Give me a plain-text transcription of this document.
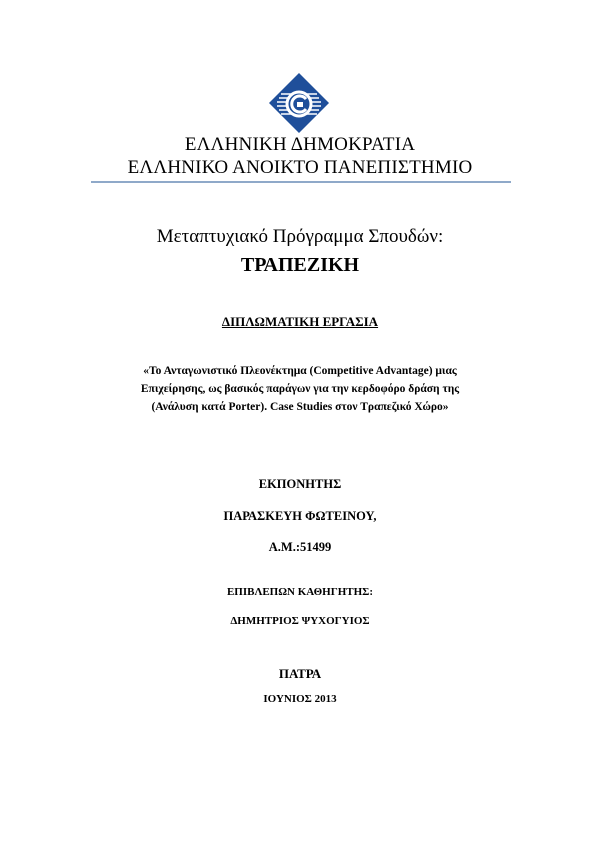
ΕΛΛΗΝΙΚΗ ΔΗΜΟΚΡΑΤΙΑ
ΕΛΛΗΝΙΚΟ ΑΝΟΙΚΤΟ ΠΑΝΕΠΙΣΤΗΜΙΟ
Μεταπτυχιακό Πρόγραμμα Σπουδών:
ΤΡΑΠΕΖΙΚΗ
ΔΙΠΛΩΜΑΤΙΚΗ ΕΡΓΑΣΙΑ
«Το Ανταγωνιστικό Πλεονέκτημα (Competitive Advantage) μιας
Επιχείρησης, ως βασικός παράγων για την κερδοφόρο δράση της
(Ανάλυση κατά Porter). Case Studies στον Τραπεζικό Χώρο»
ΕΚΠΟΝΗΤΗΣ
ΠΑΡΑΣΚΕΥΗ ΦΩΤΕΙΝΟΥ,
Α.Μ.:51499
ΕΠΙΒΛΕΠΩΝ ΚΑΘΗΓΗΤΗΣ:
ΔΗΜΗΤΡΙΟΣ ΨΥΧΟΓΥΙΟΣ
ΠΑΤΡΑ
ΙΟΥΝΙΟΣ 2013
